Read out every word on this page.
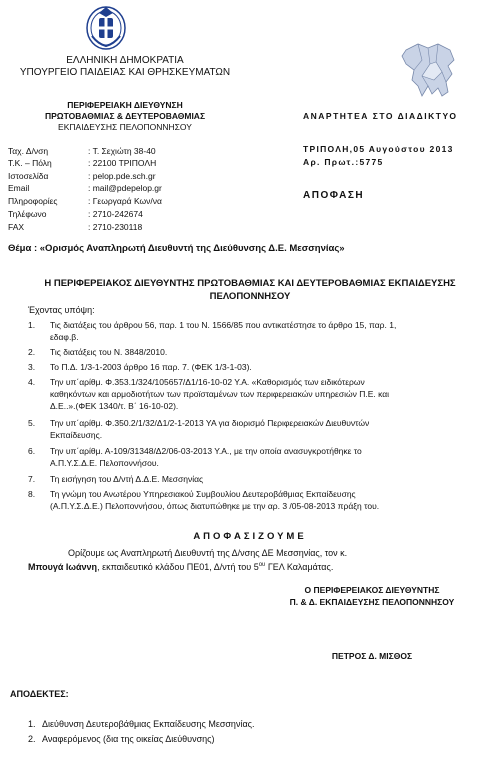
ΕΛΛΗΝΙΚΗ ΔΗΜΟΚΡΑΤΙΑ
ΥΠΟΥΡΓΕΙΟ ΠΑΙΔΕΙΑΣ ΚΑΙ ΘΡΗΣΚΕΥΜΑΤΩΝ
ΠΕΡΙΦΕΡΕΙΑΚΗ ΔΙΕΥΘΥΝΣΗ
ΠΡΩΤΟΒΑΘΜΙΑΣ & ΔΕΥΤΕΡΟΒΑΘΜΙΑΣ
ΕΚΠΑΙΔΕΥΣΗΣ ΠΕΛΟΠΟΝΝΗΣΟΥ
Ταχ. Δ/νση	: Τ. Σεχιώτη 38-40
Τ.Κ. – Πόλη	: 22100 ΤΡΙΠΟΛΗ
Ιστοσελίδα	: pelop.pde.sch.gr
Email	: mail@pdepelop.gr
Πληροφορίες	: Γεωργαρά Κων/να
Τηλέφωνο	: 2710-242674
FAX	: 2710-230118
ΑΝΑΡΤΗΤΕΑ ΣΤΟ ΔΙΑΔΙΚΤΥΟ
ΤΡΙΠΟΛΗ,05 Αυγούστου 2013
Αρ. Πρωτ.:5775
ΑΠΟΦΑΣΗ
Θέμα : «Ορισμός Αναπληρωτή Διευθυντή της Διεύθυνσης Δ.Ε. Μεσσηνίας»
Η ΠΕΡΙΦΕΡΕΙΑΚΟΣ ΔΙΕΥΘΥΝΤΗΣ ΠΡΩΤΟΒΑΘΜΙΑΣ ΚΑΙ ΔΕΥΤΕΡΟΒΑΘΜΙΑΣ ΕΚΠΑΙΔΕΥΣΗΣ
ΠΕΛΟΠΟΝΝΗΣΟΥ
Έχοντας υπόψη:
1. Τις διατάξεις του άρθρου 56, παρ. 1 του Ν. 1566/85 που αντικατέστησε το άρθρο 15, παρ. 1,
εδαφ.β.
2. Τις διατάξεις του Ν. 3848/2010.
3. Το Π.Δ. 1/3-1-2003 άρθρο 16 παρ. 7. (ΦΕΚ 1/3-1-03).
4. Την υπ΄αρίθμ. Φ.353.1/324/105657/Δ1/16-10-02 Υ.Α. «Καθορισμός των ειδικότερων
καθηκόντων και αρμοδιοτήτων των προϊσταμένων των περιφερειακών υπηρεσιών Π.Ε. και
Δ.Ε..».(ΦΕΚ 1340/τ. Β΄ 16-10-02).
5. Την υπ΄αρίθμ. Φ.350.2/1/32/Δ1/2-1-2013 ΥΑ για διορισμό Περιφερειακών Διευθυντών
Εκπαίδευσης.
6. Την υπ΄αρίθμ. Α-109/31348/Δ2/06-03-2013 Υ.Α., με την οποία ανασυγκροτήθηκε το
Α.Π.Υ.Σ.Δ.Ε. Πελοποννήσου.
7. Τη εισήγηση του Δ/ντή Δ.Δ.Ε. Μεσσηνίας
8. Τη γνώμη του Ανωτέρου Υπηρεσιακού Συμβουλίου Δευτεροβάθμιας Εκπαίδευσης
(Α.Π.Υ.Σ.Δ.Ε.) Πελοποννήσου, όπως διατυπώθηκε με την αρ. 3 /05-08-2013 πράξη του.
ΑΠΟΦΑΣΙΖΟΥΜΕ
Ορίζουμε ως Αναπληρωτή Διευθυντή της Δ/νσης ΔΕ Μεσσηνίας, τον κ.
Μπουγά Ιωάννη, εκπαιδευτικό κλάδου ΠΕ01, Δ/ντή του $5^{o\upsilon}$ ΓΕΛ Καλαμάτας.
Ο ΠΕΡΙΦΕΡΕΙΑΚΟΣ ΔΙΕΥΘΥΝΤΗΣ
Π. & Δ. ΕΚΠΑΙΔΕΥΣΗΣ ΠΕΛΟΠΟΝΝΗΣΟΥ
ΠΕΤΡΟΣ Δ. ΜΙΣΘΟΣ
ΑΠΟΔΕΚΤΕΣ:
1. Διεύθυνση Δευτεροβάθμιας Εκπαίδευσης Μεσσηνίας.
2. Αναφερόμενος (δια της οικείας Διεύθυνσης)
